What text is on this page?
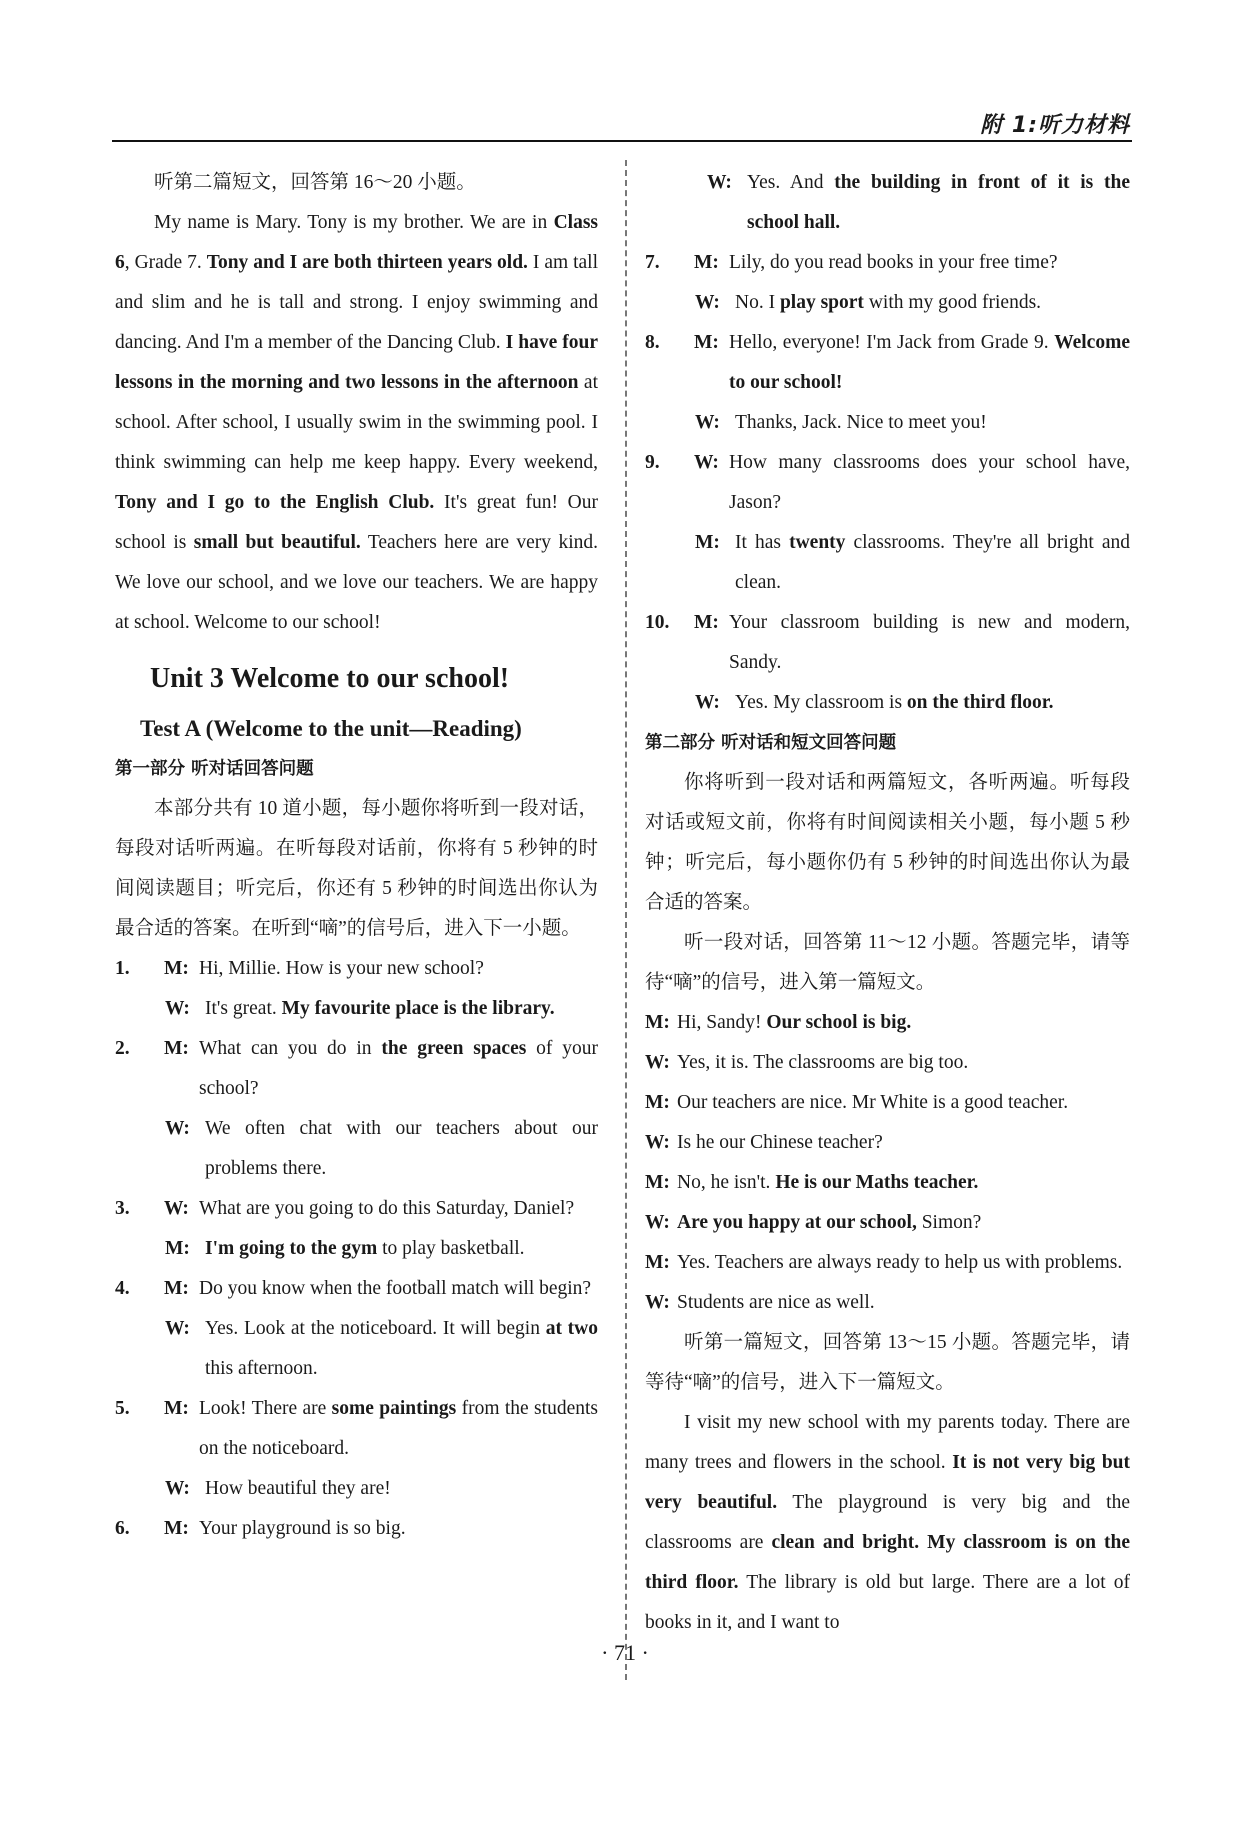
附 1:听力材料

听第二篇短文，回答第 16～20 小题。

My name is Mary. Tony is my brother. We are in Class 6, Grade 7. Tony and I are both thirteen years old. I am tall and slim and he is tall and strong. I enjoy swimming and dancing. And I'm a member of the Dancing Club. I have four lessons in the morning and two lessons in the afternoon at school. After school, I usually swim in the swimming pool. I think swimming can help me keep happy. Every weekend, Tony and I go to the English Club. It's great fun! Our school is small but beautiful. Teachers here are very kind. We love our school, and we love our teachers. We are happy at school. Welcome to our school!

Unit 3 Welcome to our school!
Test A (Welcome to the unit—Reading)
第一部分 听对话回答问题

本部分共有 10 道小题，每小题你将听到一段对话，每段对话听两遍。在听每段对话前，你将有 5 秒钟的时间阅读题目；听完后，你还有 5 秒钟的时间选出你认为最合适的答案。在听到“嘀”的信号后，进入下一小题。

1. M: Hi, Millie. How is your new school?

W: It's great. My favourite place is the library.

2. M: What can you do in the green spaces of your school?

W: We often chat with our teachers about our problems there.

3. W: What are you going to do this Saturday, Daniel?

M: I'm going to the gym to play basketball.

4. M: Do you know when the football match will begin?

W: Yes. Look at the noticeboard. It will begin at two this afternoon.

5. M: Look! There are some paintings from the students on the noticeboard.

W: How beautiful they are!

6. M: Your playground is so big.

W: Yes. And the building in front of it is the school hall.

7. M: Lily, do you read books in your free time?

W: No. I play sport with my good friends.

8. M: Hello, everyone! I'm Jack from Grade 9. Welcome to our school!

W: Thanks, Jack. Nice to meet you!

9. W: How many classrooms does your school have, Jason?

M: It has twenty classrooms. They're all bright and clean.

10. M: Your classroom building is new and modern, Sandy.

W: Yes. My classroom is on the third floor.

第二部分 听对话和短文回答问题

你将听到一段对话和两篇短文，各听两遍。听每段对话或短文前，你将有时间阅读相关小题，每小题 5 秒钟；听完后，每小题你仍有 5 秒钟的时间选出你认为最合适的答案。

听一段对话，回答第 11～12 小题。答题完毕，请等待“嘀”的信号，进入第一篇短文。

M: Hi, Sandy! Our school is big.

W: Yes, it is. The classrooms are big too.

M: Our teachers are nice. Mr White is a good teacher.

W: Is he our Chinese teacher?

M: No, he isn't. He is our Maths teacher.

W: Are you happy at our school, Simon?

M: Yes. Teachers are always ready to help us with problems.

W: Students are nice as well.

听第一篇短文，回答第 13～15 小题。答题完毕，请等待“嘀”的信号，进入下一篇短文。

I visit my new school with my parents today. There are many trees and flowers in the school. It is not very big but very beautiful. The playground is very big and the classrooms are clean and bright. My classroom is on the third floor. The library is old but large. There are a lot of books in it, and I want to

· 71 ·
